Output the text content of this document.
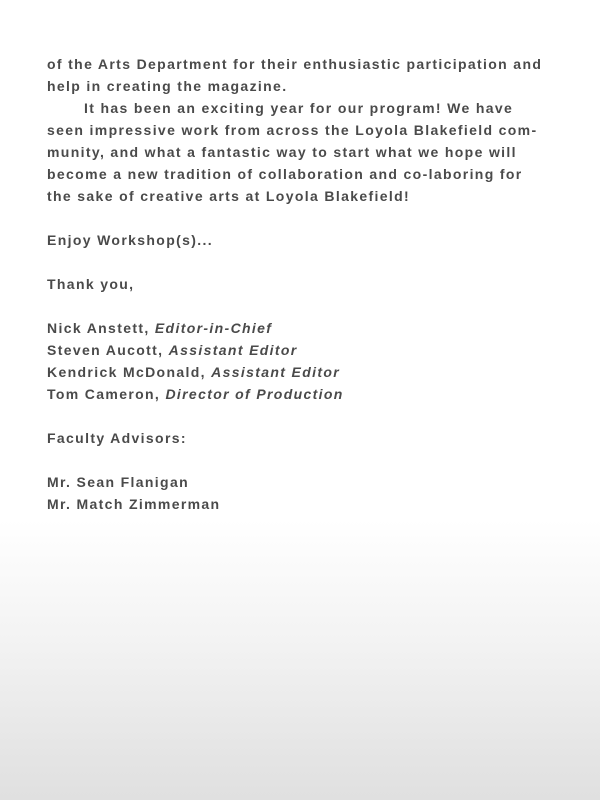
of the Arts Department for their enthusiastic participation and
help in creating the magazine.
It has been an exciting year for our program! We have
seen impressive work from across the Loyola Blakefield com-
munity, and what a fantastic way to start what we hope will
become a new tradition of collaboration and co-laboring for
the sake of creative arts at Loyola Blakefield!
Enjoy Workshop(s)...
Thank you,
Nick Anstett, Editor-in-Chief
Steven Aucott, Assistant Editor
Kendrick McDonald, Assistant Editor
Tom Cameron, Director of Production
Faculty Advisors:
Mr. Sean Flanigan
Mr. Match Zimmerman
